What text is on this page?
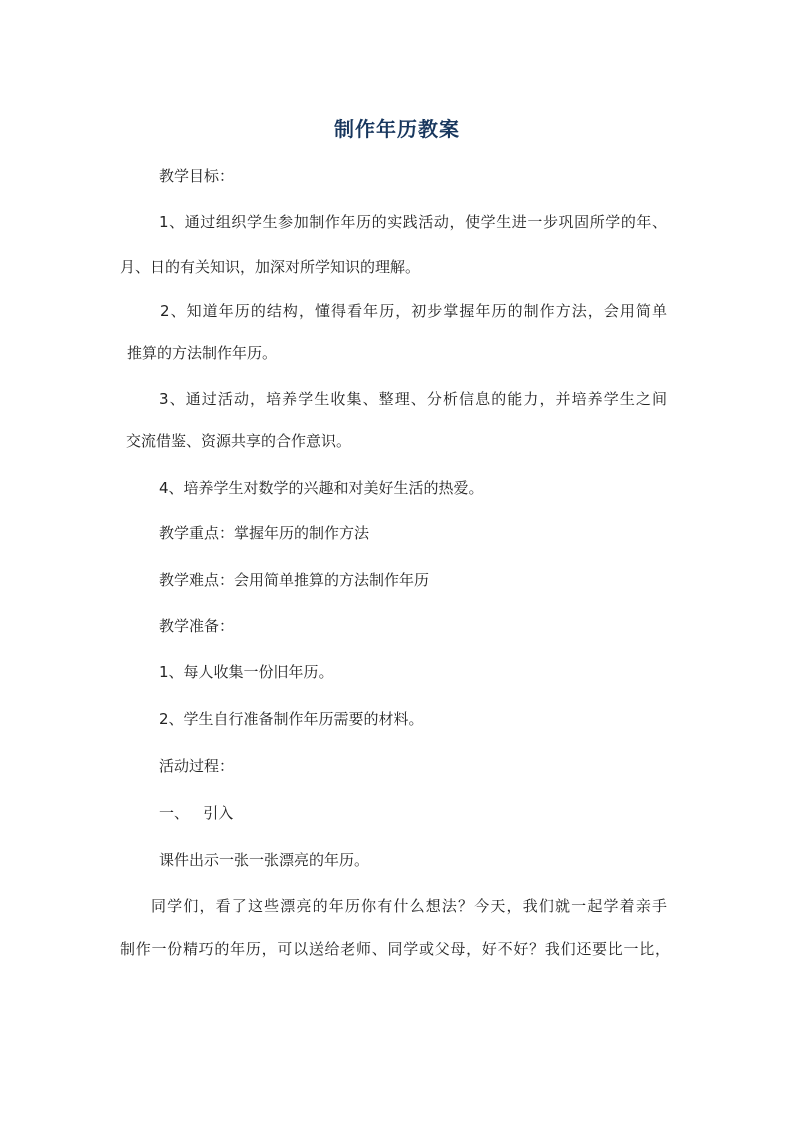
制作年历教案
教学目标：
1、通过组织学生参加制作年历的实践活动，使学生进一步巩固所学的年、
月、日的有关知识，加深对所学知识的理解。
2、知道年历的结构，懂得看年历，初步掌握年历的制作方法，会用简单
推算的方法制作年历。
3、通过活动，培养学生收集、整理、分析信息的能力，并培养学生之间
交流借鉴、资源共享的合作意识。
4、培养学生对数学的兴趣和对美好生活的热爱。
教学重点：掌握年历的制作方法
教学难点：会用简单推算的方法制作年历
教学准备：
1、每人收集一份旧年历。
2、学生自行准备制作年历需要的材料。
活动过程：
一、   引入
课件出示一张一张漂亮的年历。
同学们，看了这些漂亮的年历你有什么想法？今天，我们就一起学着亲手
制作一份精巧的年历，可以送给老师、同学或父母，好不好？我们还要比一比，
